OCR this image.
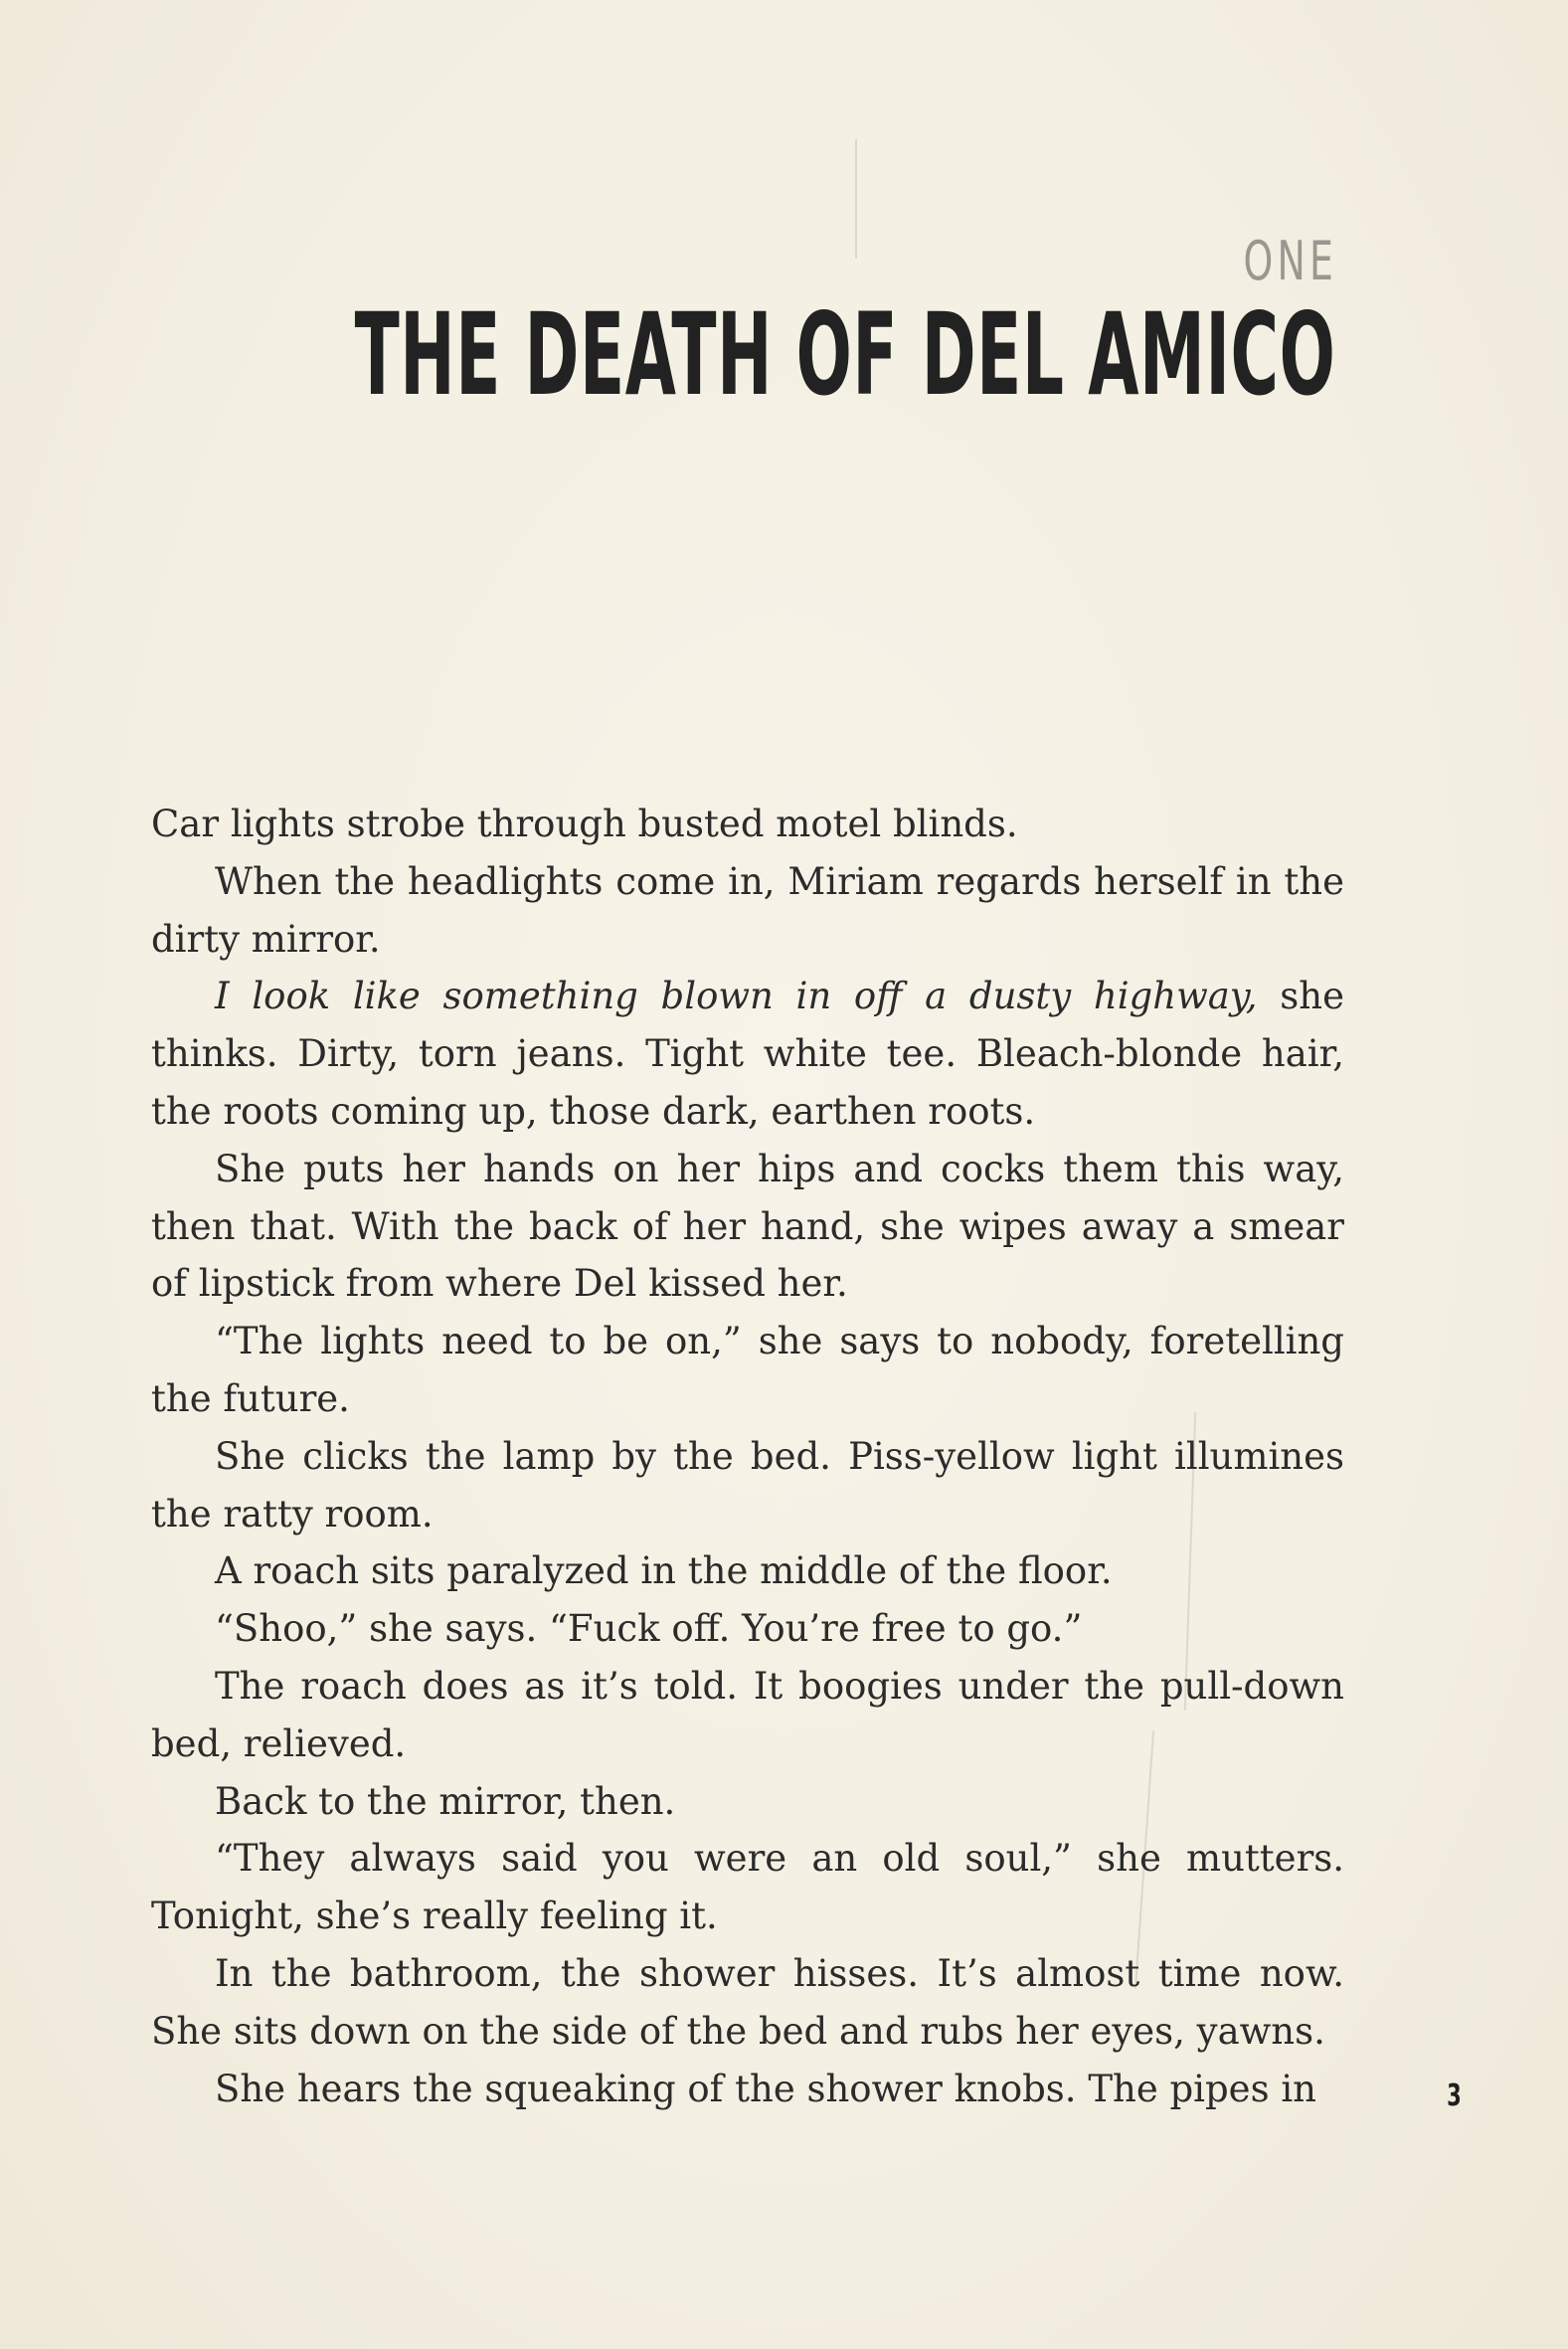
ONE
THE DEATH OF DEL AMICO

Car lights strobe through busted motel blinds.

When the headlights come in, Miriam regards herself in the dirty mirror.

I look like something blown in off a dusty highway, she thinks. Dirty, torn jeans. Tight white tee. Bleach-blonde hair, the roots coming up, those dark, earthen roots.

She puts her hands on her hips and cocks them this way, then that. With the back of her hand, she wipes away a smear of lipstick from where Del kissed her.

“The lights need to be on,” she says to nobody, foretelling the future.

She clicks the lamp by the bed. Piss-yellow light illumines the ratty room.

A roach sits paralyzed in the middle of the floor.

“Shoo,” she says. “Fuck off. You’re free to go.”

The roach does as it’s told. It boogies under the pull-down bed, relieved.

Back to the mirror, then.

“They always said you were an old soul,” she mutters. Tonight, she’s really feeling it.

In the bathroom, the shower hisses. It’s almost time now. She sits down on the side of the bed and rubs her eyes, yawns.

She hears the squeaking of the shower knobs. The pipes in	3
